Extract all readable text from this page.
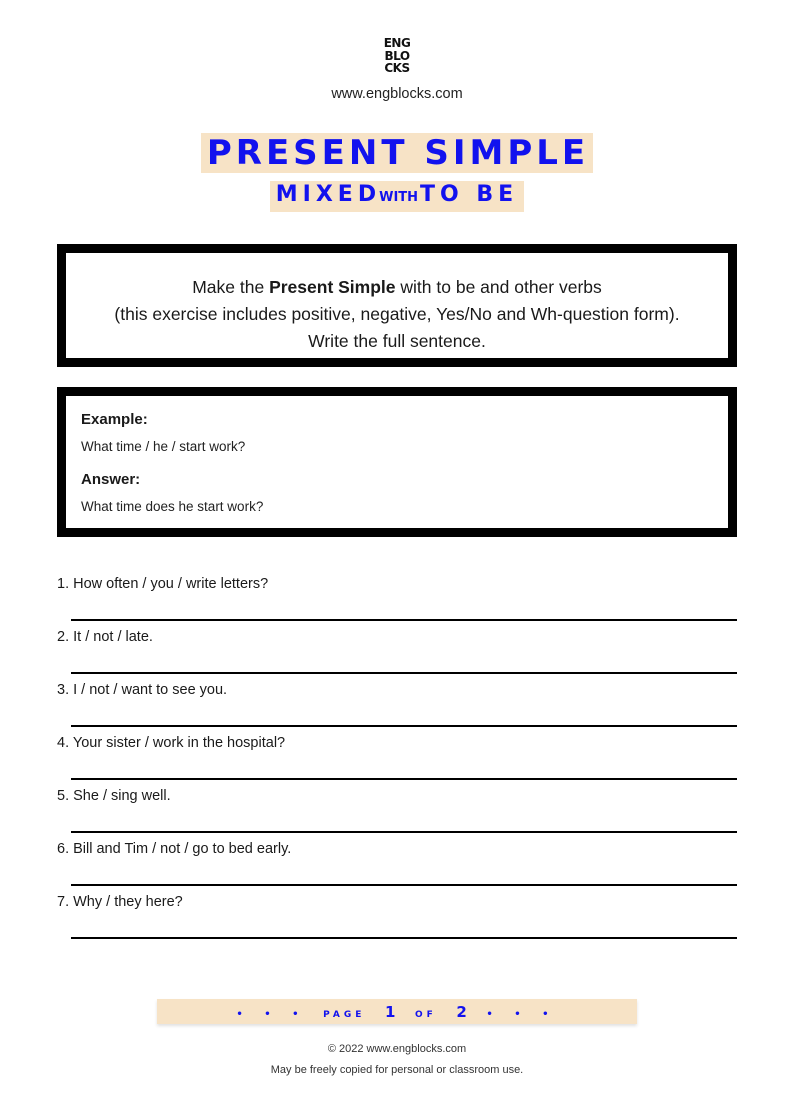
ENG
BLO
CKS
www.engblocks.com
PRESENT SIMPLE
MIXEDWITHTO BE
Make the Present Simple with to be and other verbs
(this exercise includes positive, negative, Yes/No and Wh-question form).
Write the full sentence.

Example:

What time / he / start work?

Answer:

What time does he start work?

1. How often / you / write letters?
2. It / not / late.
3. I / not / want to see you.
4. Your sister / work in the hospital?
5. She / sing well.
6. Bill and Tim / not / go to bed early.
7. Why / they here?
• • • PAGE 1 OF 2 • • •
© 2022 www.engblocks.com
May be freely copied for personal or classroom use.
